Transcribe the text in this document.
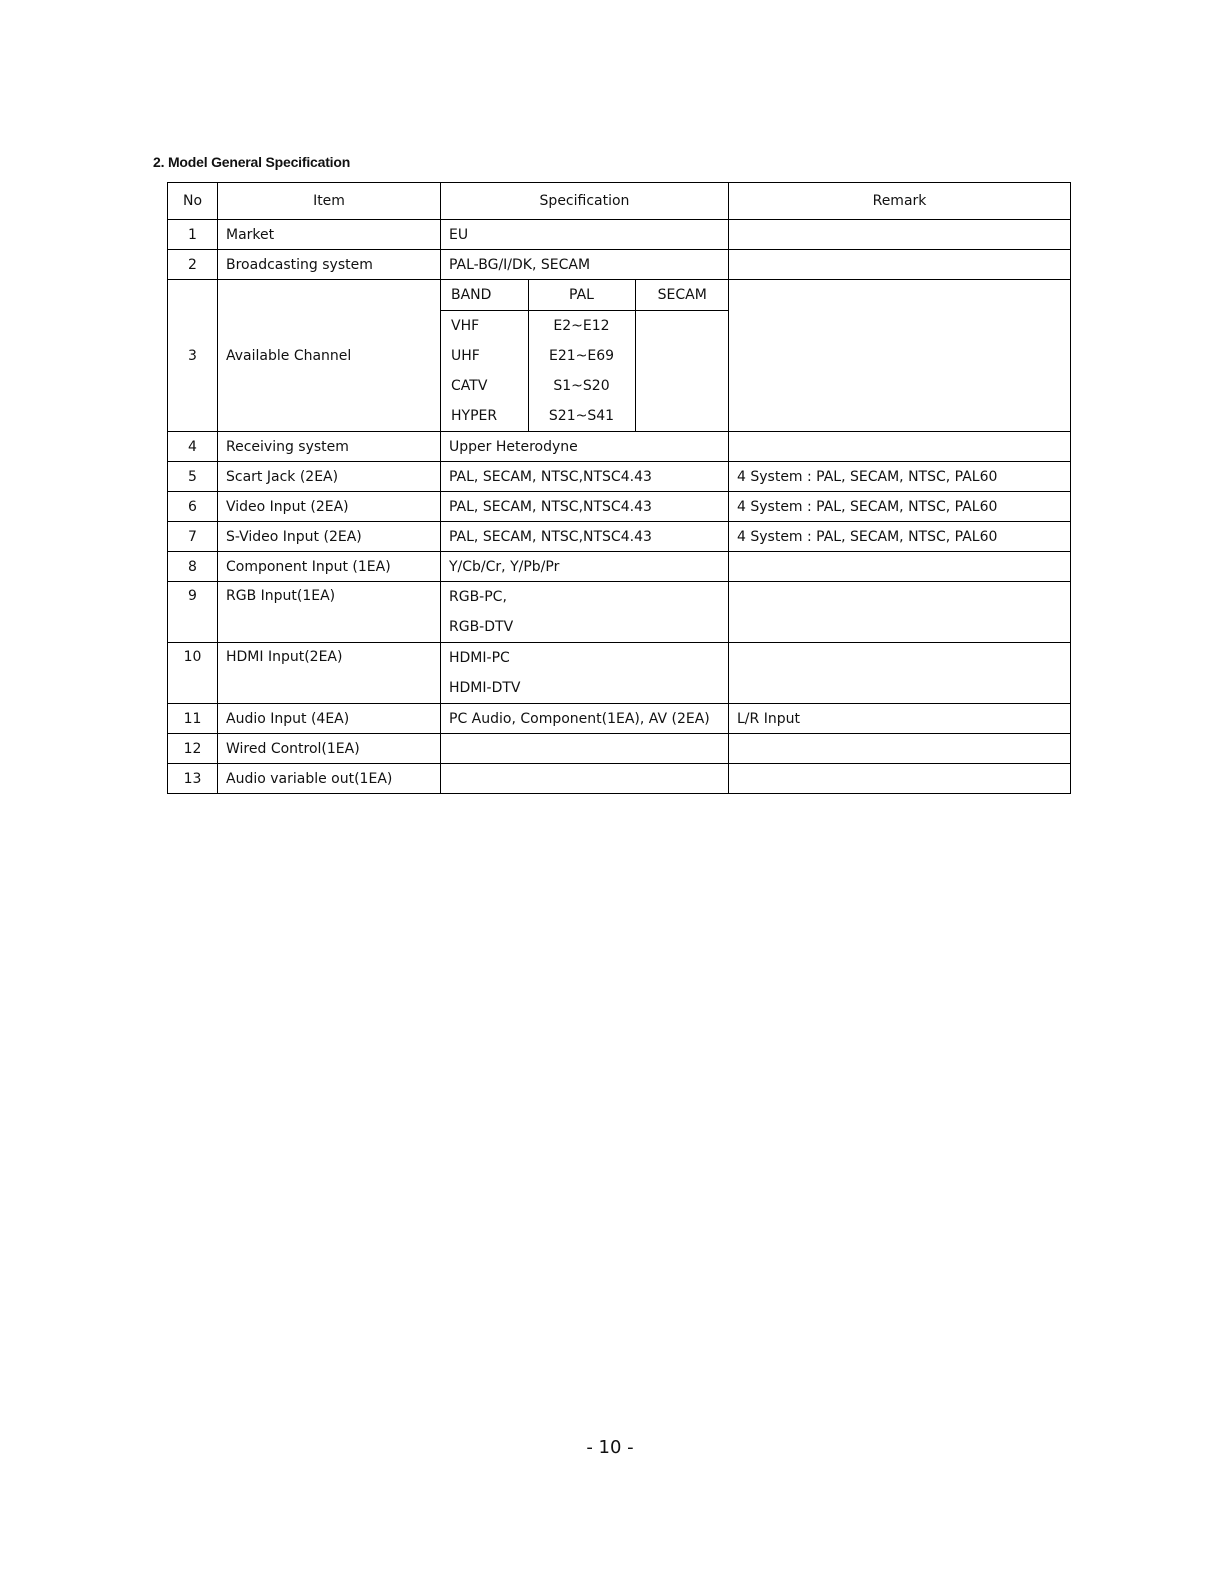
2. Model General Specification
No	Item	Specification	Remark
1	Market	EU	
2	Broadcasting system	PAL-BG/I/DK, SECAM	
3	Available Channel	
BAND	PAL	SECAM
VHF	E2~E12	
UHF	E21~E69	
CATV	S1~S20	
HYPER	S21~S41	

4	Receiving system	Upper Heterodyne	
5	Scart Jack (2EA)	PAL, SECAM, NTSC,NTSC4.43	4 System : PAL, SECAM, NTSC, PAL60
6	Video Input (2EA)	PAL, SECAM, NTSC,NTSC4.43	4 System : PAL, SECAM, NTSC, PAL60
7	S-Video Input (2EA)	PAL, SECAM, NTSC,NTSC4.43	4 System : PAL, SECAM, NTSC, PAL60
8	Component Input (1EA)	Y/Cb/Cr, Y/Pb/Pr	
9	RGB Input(1EA)	RGB-PC,
RGB-DTV

10	HDMI Input(2EA)	HDMI-PC
HDMI-DTV

11	Audio Input (4EA)	PC Audio, Component(1EA), AV (2EA)	L/R Input
12	Wired Control(1EA)		
13	Audio variable out(1EA)		
- 10 -
